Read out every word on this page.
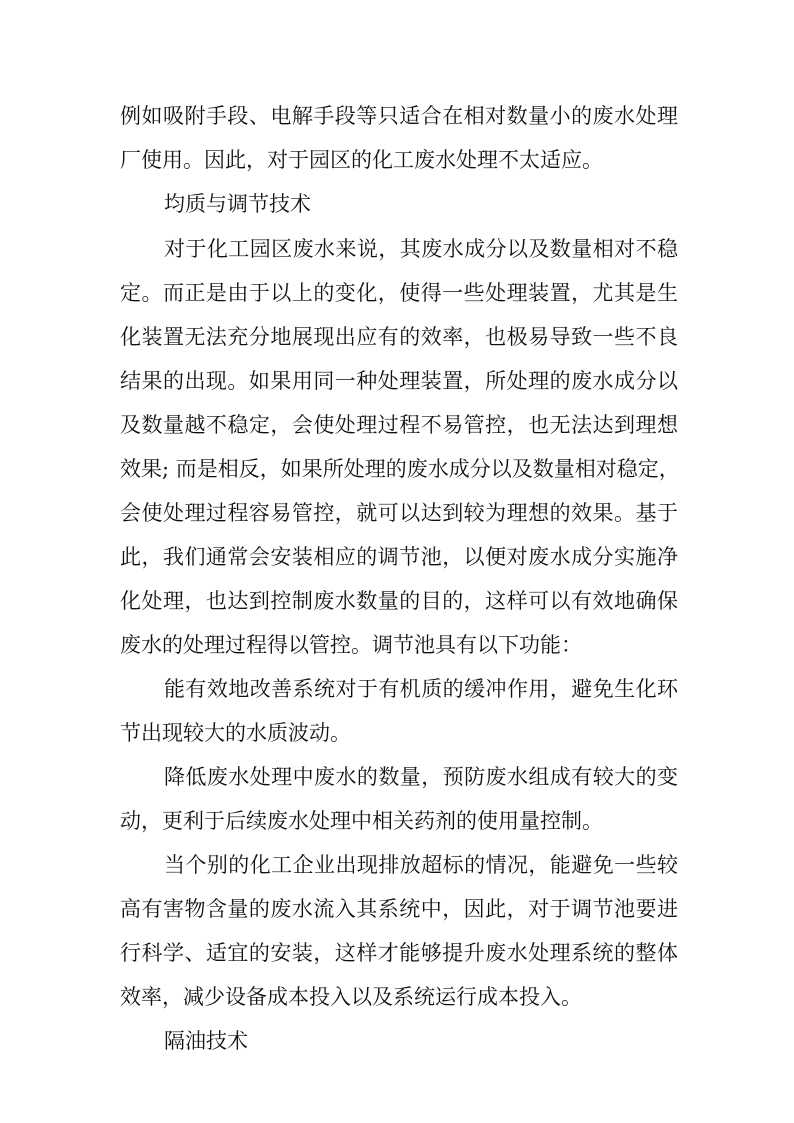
例如吸附手段、电解手段等只适合在相对数量小的废水处理
厂使用。因此，对于园区的化工废水处理不太适应。
均质与调节技术
对于化工园区废水来说，其废水成分以及数量相对不稳
定。而正是由于以上的变化，使得一些处理装置，尤其是生
化装置无法充分地展现出应有的效率，也极易导致一些不良
结果的出现。如果用同一种处理装置，所处理的废水成分以
及数量越不稳定，会使处理过程不易管控，也无法达到理想
效果; 而是相反，如果所处理的废水成分以及数量相对稳定，
会使处理过程容易管控，就可以达到较为理想的效果。基于
此，我们通常会安装相应的调节池，以便对废水成分实施净
化处理，也达到控制废水数量的目的，这样可以有效地确保
废水的处理过程得以管控。调节池具有以下功能：
能有效地改善系统对于有机质的缓冲作用，避免生化环
节出现较大的水质波动。
降低废水处理中废水的数量，预防废水组成有较大的变
动，更利于后续废水处理中相关药剂的使用量控制。
当个别的化工企业出现排放超标的情况，能避免一些较
高有害物含量的废水流入其系统中，因此，对于调节池要进
行科学、适宜的安装，这样才能够提升废水处理系统的整体
效率，减少设备成本投入以及系统运行成本投入。
隔油技术
